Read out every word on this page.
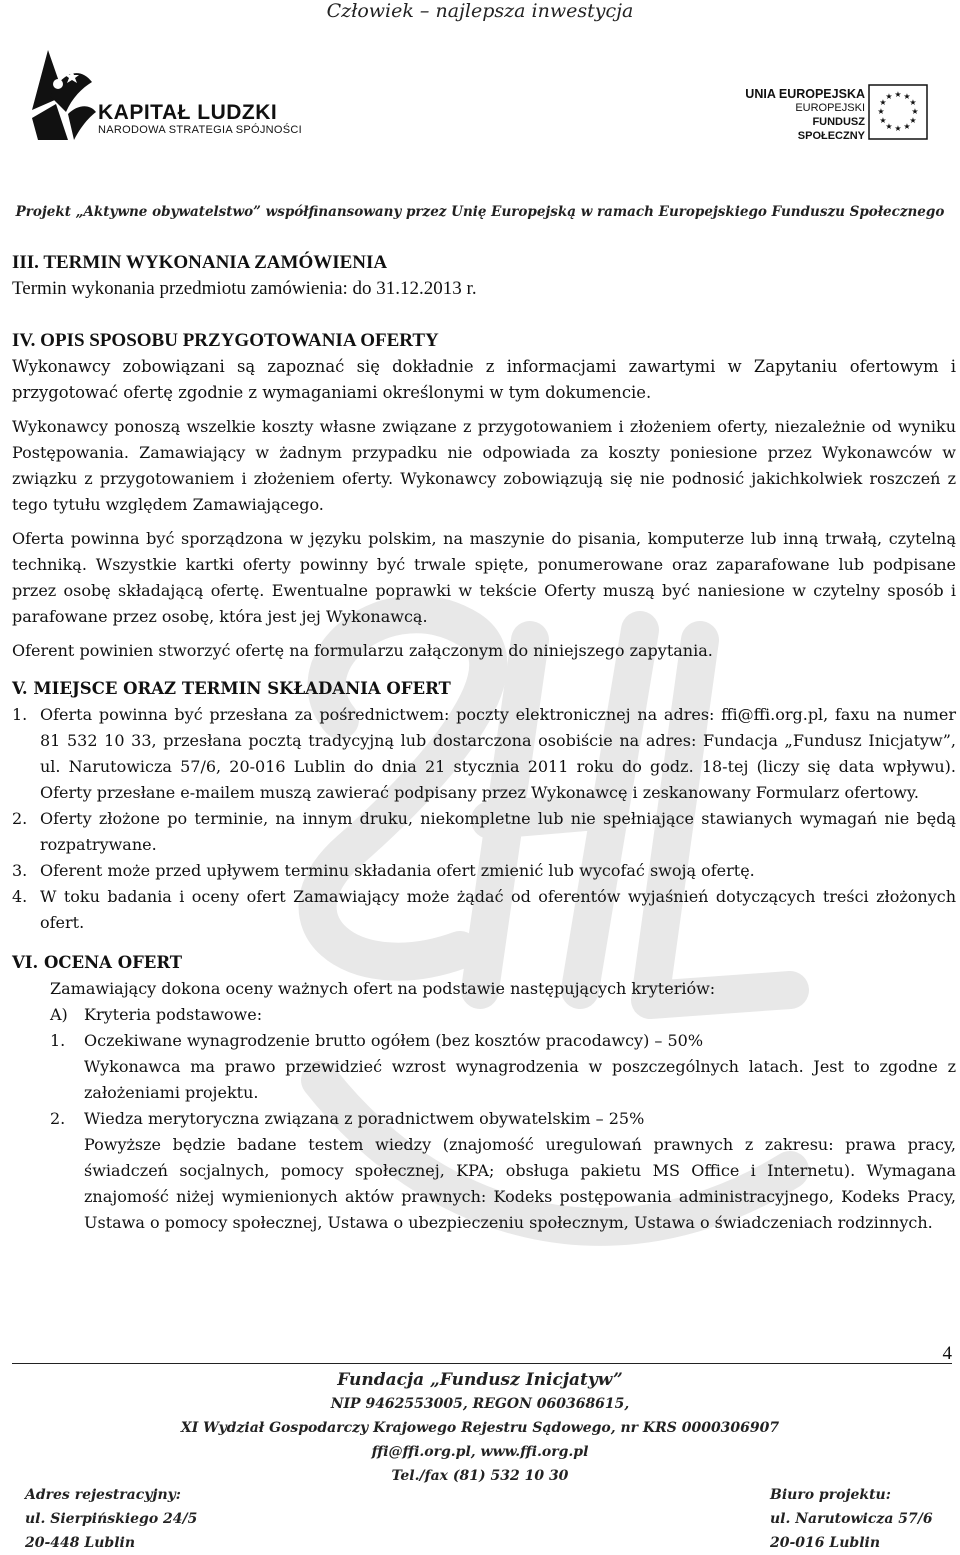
Człowiek – najlepsza inwestycja
KAPITAŁ LUDZKI
NARODOWA STRATEGIA SPÓJNOŚCI
UNIA EUROPEJSKA
EUROPEJSKI
FUNDUSZ SPOŁECZNY
★ ★
★
★
★
★
★
★
★
★
★
★
Projekt „Aktywne obywatelstwo” współfinansowany przez Unię Europejską w ramach Europejskiego Funduszu Społecznego
III. TERMIN WYKONANIA ZAMÓWIENIA
Termin wykonania przedmiotu zamówienia: do 31.12.2013 r.
IV. OPIS SPOSOBU PRZYGOTOWANIA OFERTY

Wykonawcy zobowiązani są zapoznać się dokładnie z informacjami zawartymi w Zapytaniu ofertowym i przygotować ofertę zgodnie z wymaganiami określonymi w tym dokumencie.

Wykonawcy ponoszą wszelkie koszty własne związane z przygotowaniem i złożeniem oferty, niezależnie od wyniku Postępowania. Zamawiający w żadnym przypadku nie odpowiada za koszty poniesione przez Wykonawców w związku z przygotowaniem i złożeniem oferty. Wykonawcy zobowiązują się nie podnosić jakichkolwiek roszczeń z tego tytułu względem Zamawiającego.

Oferta powinna być sporządzona w języku polskim, na maszynie do pisania, komputerze lub inną trwałą, czytelną techniką. Wszystkie kartki oferty powinny być trwale spięte, ponumerowane oraz zaparafowane lub podpisane przez osobę składającą ofertę. Ewentualne poprawki w tekście Oferty muszą być naniesione w czytelny sposób i parafowane przez osobę, która jest jej Wykonawcą.

Oferent powinien stworzyć ofertę na formularzu załączonym do niniejszego zapytania.

V. MIEJSCE ORAZ TERMIN SKŁADANIA OFERT
1. Oferta powinna być przesłana za pośrednictwem: poczty elektronicznej na adres: ffi@ffi.org.pl, faxu na numer 81 532 10 33, przesłana pocztą tradycyjną lub dostarczona osobiście na adres: Fundacja „Fundusz Inicjatyw”, ul. Narutowicza 57/6, 20-016 Lublin do dnia 21 stycznia 2011 roku do godz. 18-tej (liczy się data wpływu). Oferty przesłane e-mailem muszą zawierać podpisany przez Wykonawcę i zeskanowany Formularz ofertowy.
2. Oferty złożone po terminie, na innym druku, niekompletne lub nie spełniające stawianych wymagań nie będą rozpatrywane.
3. Oferent może przed upływem terminu składania ofert zmienić lub wycofać swoją ofertę.
4. W toku badania i oceny ofert Zamawiający może żądać od oferentów wyjaśnień dotyczących treści złożonych ofert.
VI. OCENA OFERT
Zamawiający dokona oceny ważnych ofert na podstawie następujących kryteriów:
A) Kryteria podstawowe:
1. Oczekiwane wynagrodzenie brutto ogółem (bez kosztów pracodawcy) – 50%
Wykonawca ma prawo przewidzieć wzrost wynagrodzenia w poszczególnych latach. Jest to zgodne z założeniami projektu.
2. Wiedza merytoryczna związana z poradnictwem obywatelskim – 25%
Powyższe będzie badane testem wiedzy (znajomość uregulowań prawnych z zakresu: prawa pracy, świadczeń socjalnych, pomocy społecznej, KPA; obsługa pakietu MS Office i Internetu). Wymagana znajomość niżej wymienionych aktów prawnych: Kodeks postępowania administracyjnego, Kodeks Pracy, Ustawa o pomocy społecznej, Ustawa o ubezpieczeniu społecznym, Ustawa o świadczeniach rodzinnych.
4
Fundacja „Fundusz Inicjatyw”
NIP 9462553005, REGON 060368615,
XI Wydział Gospodarczy Krajowego Rejestru Sądowego, nr KRS 0000306907
ffi@ffi.org.pl, www.ffi.org.pl
Tel./fax (81) 532 10 30
Adres rejestracyjny:
ul. Sierpińskiego 24/5
20-448 Lublin
Biuro projektu:
ul. Narutowicza 57/6
20-016 Lublin
